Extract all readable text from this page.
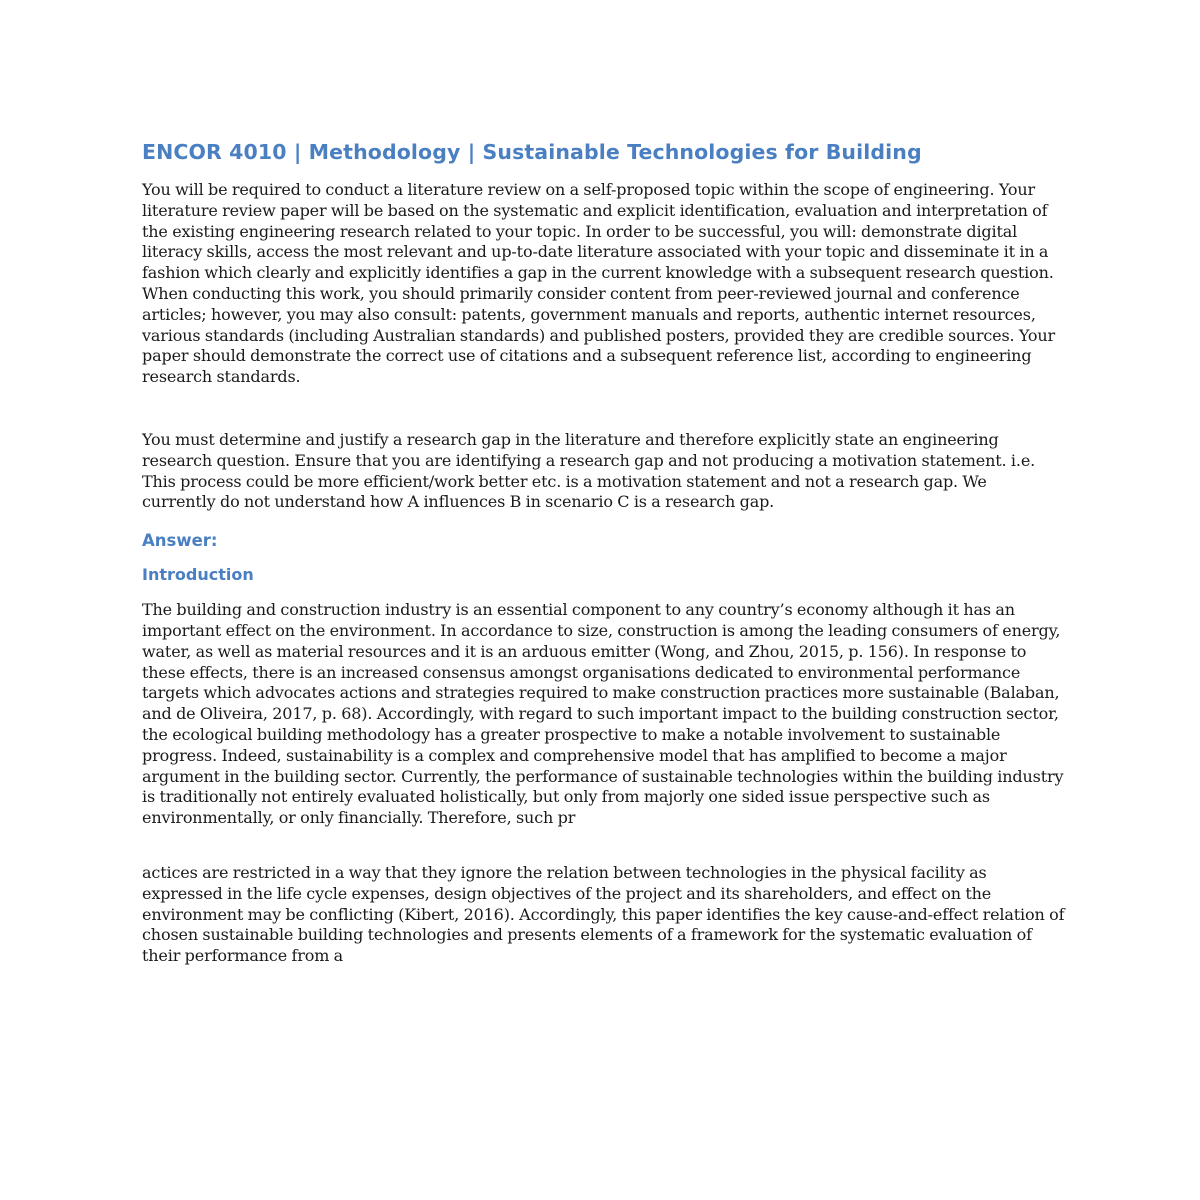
ENCOR 4010 | Methodology | Sustainable Technologies for Building

You will be required to conduct a literature review on a self-proposed topic within the scope of engineering. Your literature review paper will be based on the systematic and explicit identification, evaluation and interpretation of the existing engineering research related to your topic. In order to be successful, you will: demonstrate digital literacy skills, access the most relevant and up-to-date literature associated with your topic and disseminate it in a fashion which clearly and explicitly identifies a gap in the current knowledge with a subsequent research question. When conducting this work, you should primarily consider content from peer-reviewed journal and conference articles; however, you may also consult: patents, government manuals and reports, authentic internet resources, various standards (including Australian standards) and published posters, provided they are credible sources. Your paper should demonstrate the correct use of citations and a subsequent reference list, according to engineering research standards.

You must determine and justify a research gap in the literature and therefore explicitly state an engineering research question. Ensure that you are identifying a research gap and not producing a motivation statement. i.e. This process could be more efficient/work better etc. is a motivation statement and not a research gap. We currently do not understand how A influences B in scenario C is a research gap.

Answer:
Introduction

The building and construction industry is an essential component to any country’s economy although it has an important effect on the environment. In accordance to size, construction is among the leading consumers of energy, water, as well as material resources and it is an arduous emitter (Wong, and Zhou, 2015, p. 156). In response to these effects, there is an increased consensus amongst organisations dedicated to environmental performance targets which advocates actions and strategies required to make construction practices more sustainable (Balaban, and de Oliveira, 2017, p. 68). Accordingly, with regard to such important impact to the building construction sector, the ecological building methodology has a greater prospective to make a notable involvement to sustainable progress. Indeed, sustainability is a complex and comprehensive model that has amplified to become a major argument in the building sector. Currently, the performance of sustainable technologies within the building industry is traditionally not entirely evaluated holistically, but only from majorly one sided issue perspective such as environmentally, or only financially. Therefore, such pr

actices are restricted in a way that they ignore the relation between technologies in the physical facility as expressed in the life cycle expenses, design objectives of the project and its shareholders, and effect on the environment may be conflicting (Kibert, 2016). Accordingly, this paper identifies the key cause-and-effect relation of chosen sustainable building technologies and presents elements of a framework for the systematic evaluation of their performance from a
